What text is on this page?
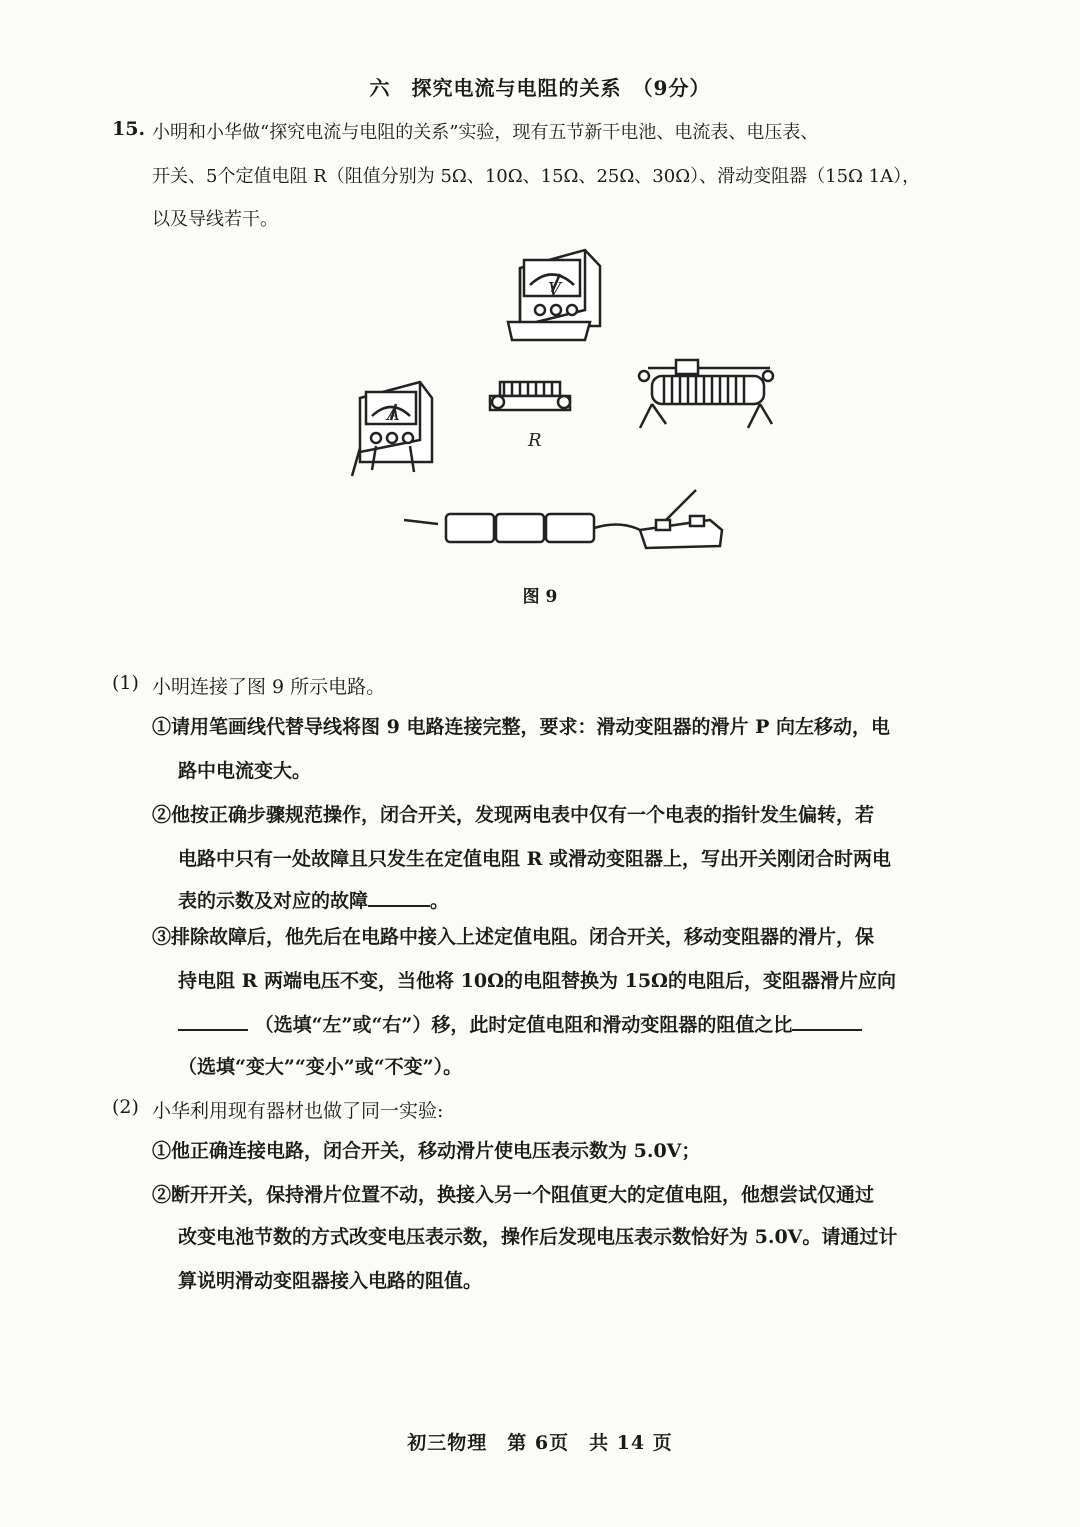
六　探究电流与电阻的关系　（9分）
15. 小明和小华做“探究电流与电阻的关系”实验，现有五节新干电池、电流表、电压表、
开关、5个定值电阻 R（阻值分别为 5Ω、10Ω、15Ω、25Ω、30Ω）、滑动变阻器（15Ω 1A），
以及导线若干。
V
A
R
图 9
(1) 小明连接了图 9 所示电路。
①请用笔画线代替导线将图 9 电路连接完整，要求：滑动变阻器的滑片 P 向左移动，电
路中电流变大。
②他按正确步骤规范操作，闭合开关，发现两电表中仅有一个电表的指针发生偏转，若
电路中只有一处故障且只发生在定值电阻 R 或滑动变阻器上，写出开关刚闭合时两电
表的示数及对应的故障	。
③排除故障后，他先后在电路中接入上述定值电阻。闭合开关，移动变阻器的滑片，保
持电阻 R 两端电压不变，当他将 10Ω的电阻替换为 15Ω的电阻后，变阻器滑片应向
（选填“左”或“右”）移，此时定值电阻和滑动变阻器的阻值之比
（选填“变大”“变小”或“不变”）。
(2) 小华利用现有器材也做了同一实验:
①他正确连接电路，闭合开关，移动滑片使电压表示数为 5.0V；
②断开开关，保持滑片位置不动，换接入另一个阻值更大的定值电阻，他想尝试仅通过
改变电池节数的方式改变电压表示数，操作后发现电压表示数恰好为 5.0V。请通过计
算说明滑动变阻器接入电路的阻值。
初三物理　第 6页　共 14 页
